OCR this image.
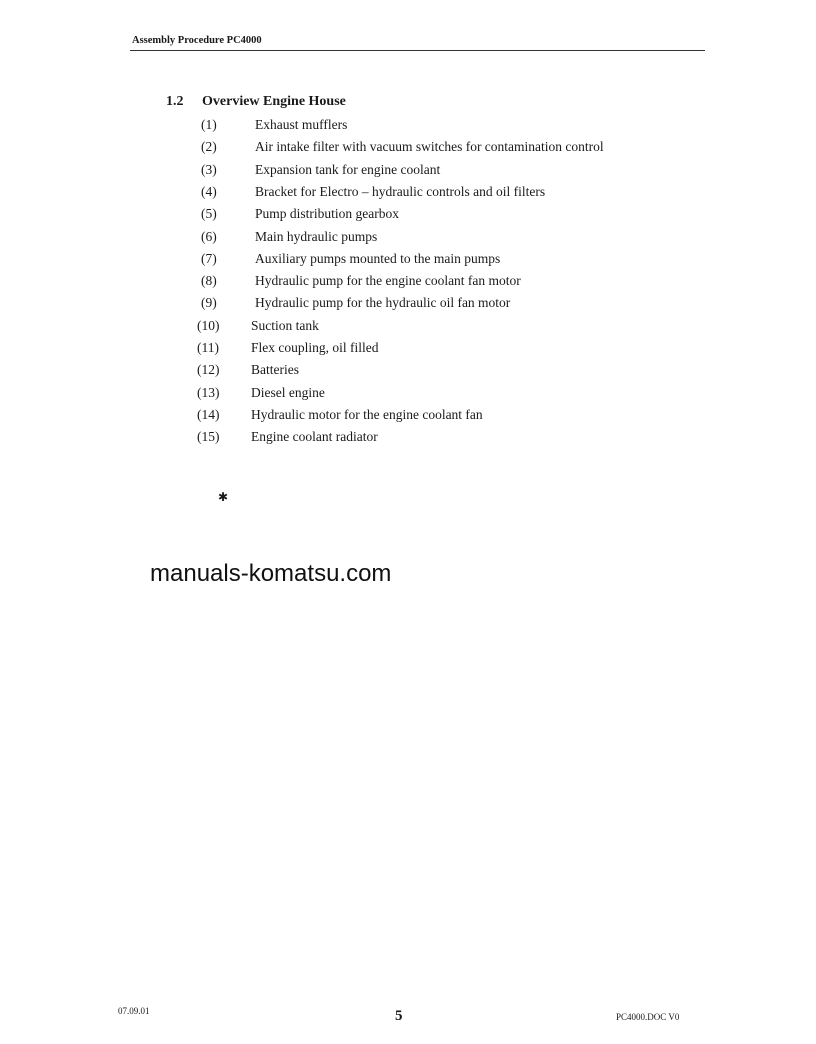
Assembly Procedure PC4000
1.2 Overview Engine House
(1)	Exhaust mufflers
(2)	Air intake filter with vacuum switches for contamination control
(3)	Expansion tank for engine coolant
(4)	Bracket for Electro – hydraulic controls and oil filters
(5)	Pump distribution gearbox
(6)	Main hydraulic pumps
(7)	Auxiliary pumps mounted to the main pumps
(8)	Hydraulic pump for the engine coolant fan motor
(9)	Hydraulic pump for the hydraulic oil fan motor
(10) Suction tank
(11) Flex coupling, oil filled
(12) Batteries
(13) Diesel engine
(14) Hydraulic motor for the engine coolant fan
(15) Engine coolant radiator
manuals-komatsu.com
✱
07.09.01	5	PC4000.DOC V0
